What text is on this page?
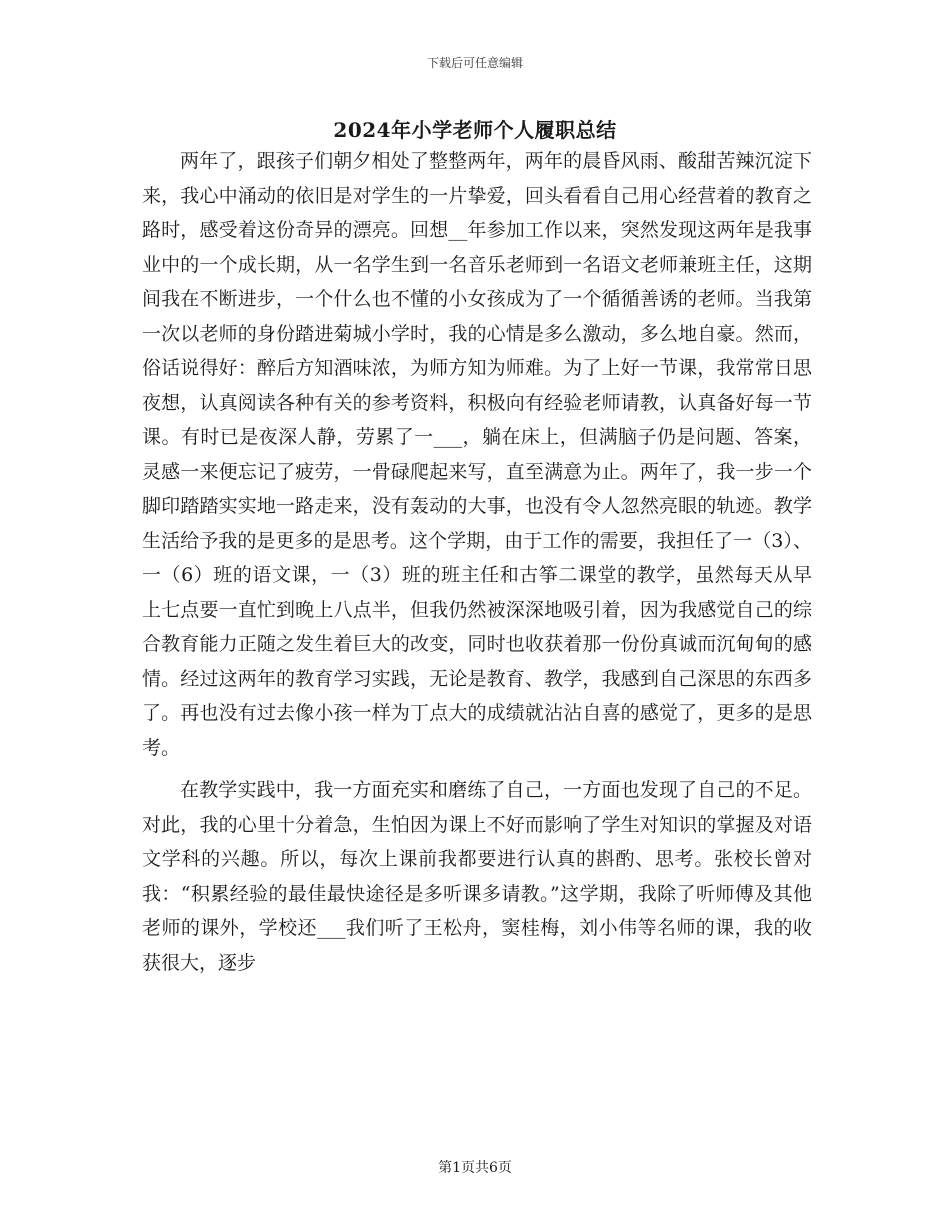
下载后可任意编辑
2024年小学老师个人履职总结

两年了，跟孩子们朝夕相处了整整两年，两年的晨昏风雨、酸甜苦辣沉淀下来，我心中涌动的依旧是对学生的一片挚爱，回头看看自己用心经营着的教育之路时，感受着这份奇异的漂亮。回想__年参加工作以来，突然发现这两年是我事业中的一个成长期，从一名学生到一名音乐老师到一名语文老师兼班主任，这期间我在不断进步，一个什么也不懂的小女孩成为了一个循循善诱的老师。当我第一次以老师的身份踏进菊城小学时，我的心情是多么激动，多么地自豪。然而，俗话说得好：醉后方知酒味浓，为师方知为师难。为了上好一节课，我常常日思夜想，认真阅读各种有关的参考资料，积极向有经验老师请教，认真备好每一节课。有时已是夜深人静，劳累了一___，躺在床上，但满脑子仍是问题、答案，灵感一来便忘记了疲劳，一骨碌爬起来写，直至满意为止。两年了，我一步一个脚印踏踏实实地一路走来，没有轰动的大事，也没有令人忽然亮眼的轨迹。教学生活给予我的是更多的是思考。这个学期，由于工作的需要，我担任了一（3）、一（6）班的语文课，一（3）班的班主任和古筝二课堂的教学，虽然每天从早上七点要一直忙到晚上八点半，但我仍然被深深地吸引着，因为我感觉自己的综合教育能力正随之发生着巨大的改变，同时也收获着那一份份真诚而沉甸甸的感情。经过这两年的教育学习实践，无论是教育、教学，我感到自己深思的东西多了。再也没有过去像小孩一样为丁点大的成绩就沾沾自喜的感觉了，更多的是思考。

在教学实践中，我一方面充实和磨练了自己，一方面也发现了自己的不足。对此，我的心里十分着急，生怕因为课上不好而影响了学生对知识的掌握及对语文学科的兴趣。所以，每次上课前我都要进行认真的斟酌、思考。张校长曾对我：“积累经验的最佳最快途径是多听课多请教。”这学期，我除了听师傅及其他老师的课外，学校还___我们听了王松舟，窦桂梅，刘小伟等名师的课，我的收获很大，逐步

第1页共6页
